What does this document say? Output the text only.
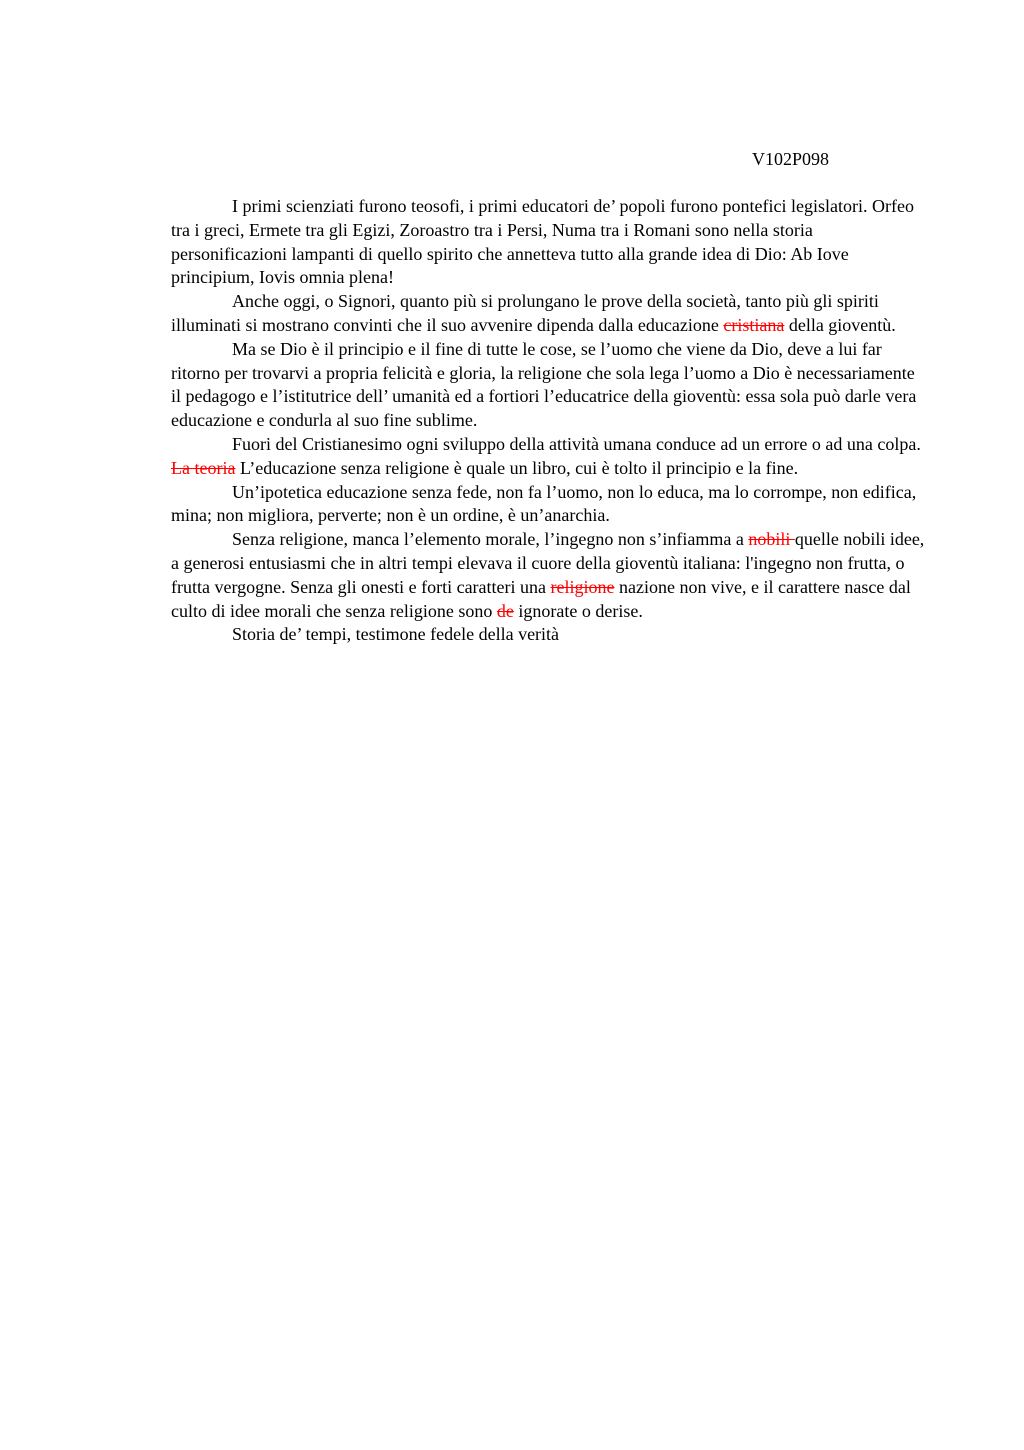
V102P098

I primi scienziati furono teosofi, i primi educatori de’ popoli furono pontefici legislatori. Orfeo tra i greci, Ermete tra gli Egizi, Zoroastro tra i Persi, Numa tra i Romani sono nella storia personificazioni lampanti di quello spirito che annetteva tutto alla grande idea di Dio: Ab Iove principium, Iovis omnia plena!

Anche oggi, o Signori, quanto più si prolungano le prove della società, tanto più gli spiriti illuminati si mostrano convinti che il suo avvenire dipenda dalla educazione cristiana della gioventù.

Ma se Dio è il principio e il fine di tutte le cose, se l’uomo che viene da Dio, deve a lui far ritorno per trovarvi a propria felicità e gloria, la religione che sola lega l’uomo a Dio è necessariamente il pedagogo e l’istitutrice dell’ umanità ed a fortiori l’educatrice della gioventù: essa sola può darle vera educazione e condurla al suo fine sublime.

Fuori del Cristianesimo ogni sviluppo della attività umana conduce ad un errore o ad una colpa. La teoria L’educazione senza religione è quale un libro, cui è tolto il principio e la fine.

Un’ipotetica educazione senza fede, non fa l’uomo, non lo educa, ma lo corrompe, non edifica, mina; non migliora, perverte; non è un ordine, è un’anarchia.

Senza religione, manca l’elemento morale, l’ingegno non s’infiamma a nobili quelle nobili idee, a generosi entusiasmi che in altri tempi elevava il cuore della gioventù italiana: l'ingegno non frutta, o frutta vergogne. Senza gli onesti e forti caratteri una religione nazione non vive, e il carattere nasce dal culto di idee morali che senza religione sono de ignorate o derise.

Storia de’ tempi, testimone fedele della verità
